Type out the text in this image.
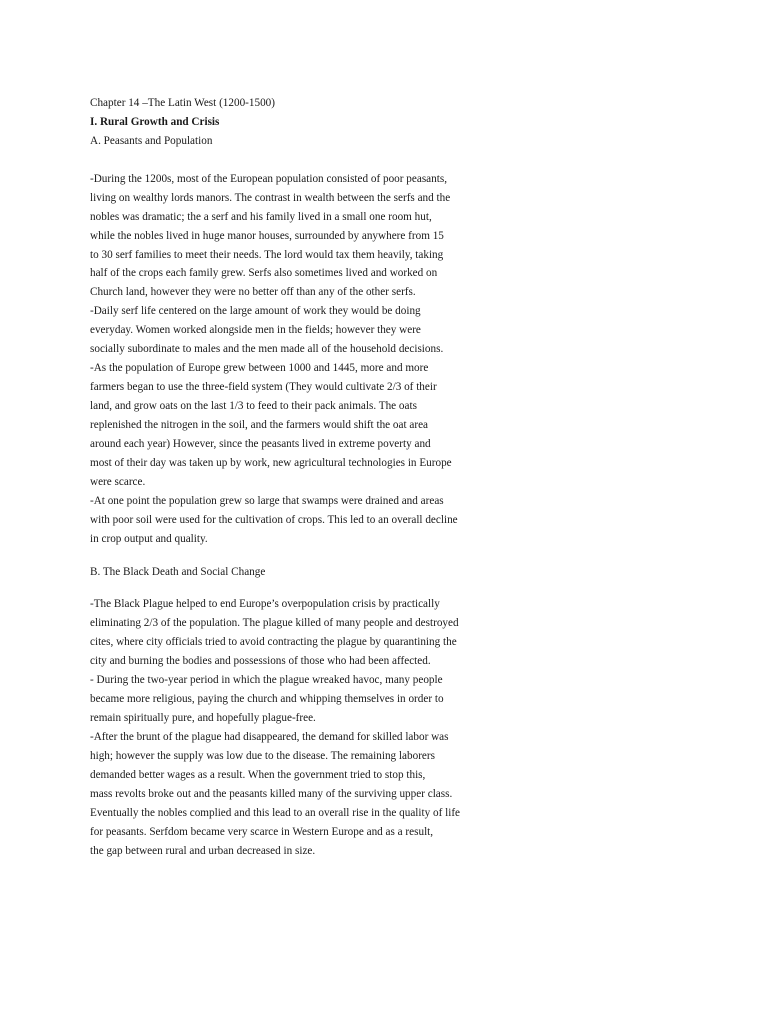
Chapter 14 –The Latin West (1200-1500)
I. Rural Growth and Crisis
A. Peasants and Population
-During the 1200s, most of the European population consisted of poor peasants,
living on wealthy lords manors. The contrast in wealth between the serfs and the
nobles was dramatic; the a serf and his family lived in a small one room hut,
while the nobles lived in huge manor houses, surrounded by anywhere from 15
to 30 serf families to meet their needs. The lord would tax them heavily, taking
half of the crops each family grew. Serfs also sometimes lived and worked on
Church land, however they were no better off than any of the other serfs.
-Daily serf life centered on the large amount of work they would be doing
everyday. Women worked alongside men in the fields; however they were
socially subordinate to males and the men made all of the household decisions.
-As the population of Europe grew between 1000 and 1445, more and more
farmers began to use the three-field system (They would cultivate 2/3 of their
land, and grow oats on the last 1/3 to feed to their pack animals. The oats
replenished the nitrogen in the soil, and the farmers would shift the oat area
around each year) However, since the peasants lived in extreme poverty and
most of their day was taken up by work, new agricultural technologies in Europe
were scarce.
-At one point the population grew so large that swamps were drained and areas
with poor soil were used for the cultivation of crops. This led to an overall decline
in crop output and quality.
B. The Black Death and Social Change
-The Black Plague helped to end Europe’s overpopulation crisis by practically
eliminating 2/3 of the population. The plague killed of many people and destroyed
cites, where city officials tried to avoid contracting the plague by quarantining the
city and burning the bodies and possessions of those who had been affected.
- During the two-year period in which the plague wreaked havoc, many people
became more religious, paying the church and whipping themselves in order to
remain spiritually pure, and hopefully plague-free.
-After the brunt of the plague had disappeared, the demand for skilled labor was
high; however the supply was low due to the disease. The remaining laborers
demanded better wages as a result. When the government tried to stop this,
mass revolts broke out and the peasants killed many of the surviving upper class.
Eventually the nobles complied and this lead to an overall rise in the quality of life
for peasants. Serfdom became very scarce in Western Europe and as a result,
the gap between rural and urban decreased in size.
